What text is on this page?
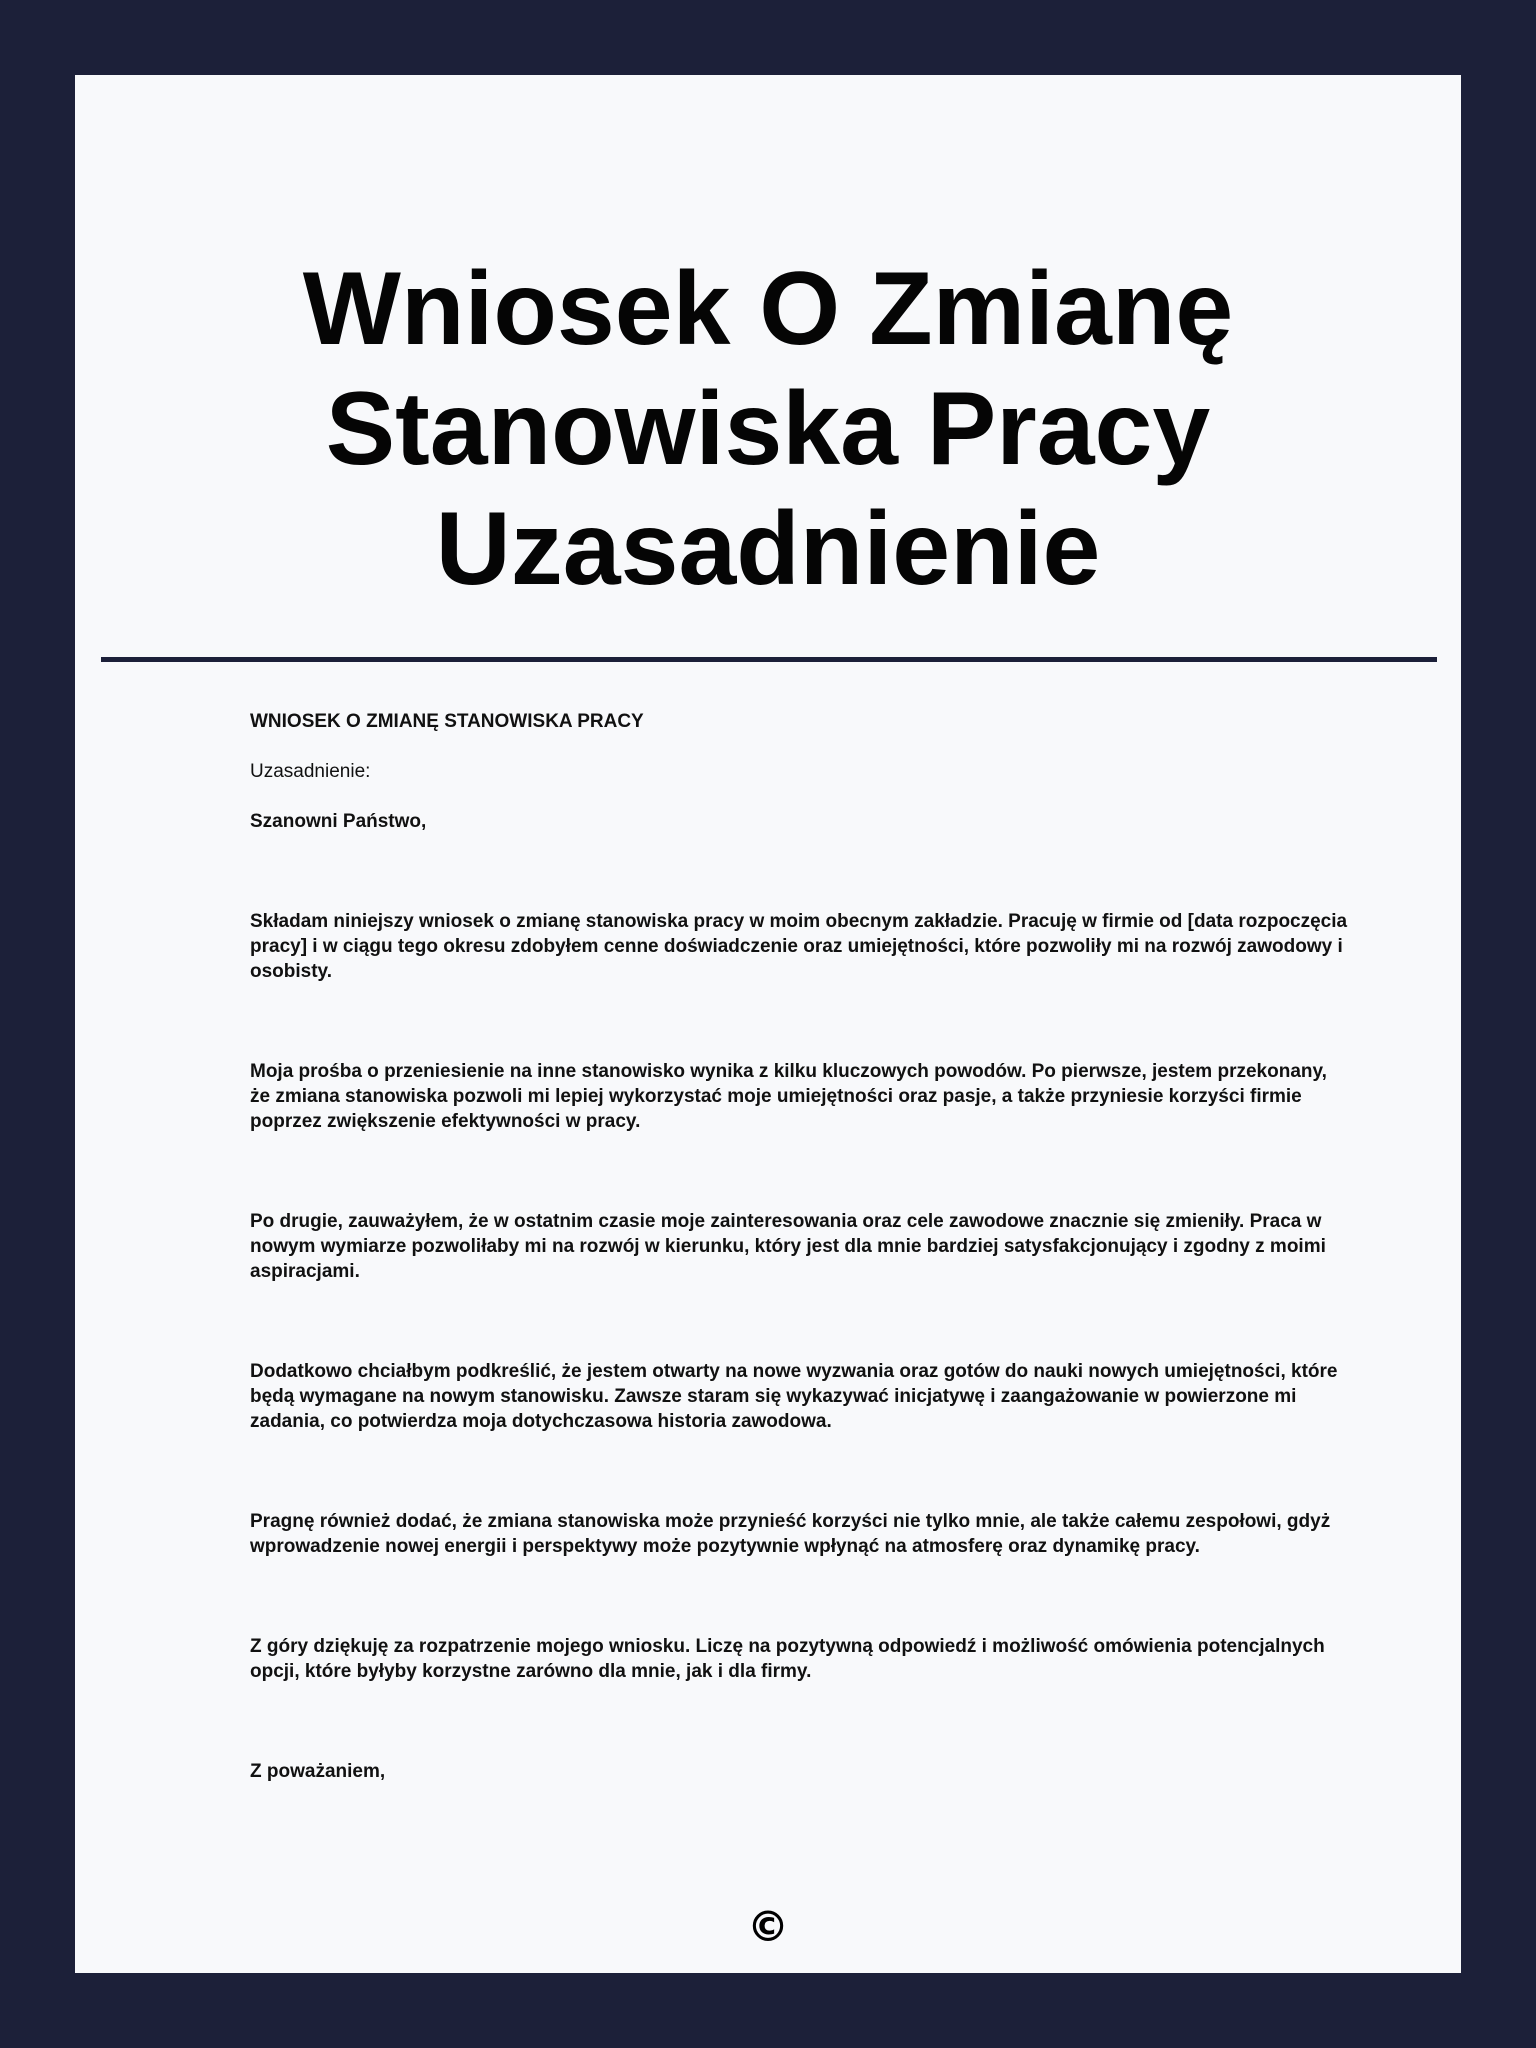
Wniosek O Zmianę
Stanowiska Pracy
Uzasadnienie

WNIOSEK O ZMIANĘ STANOWISKA PRACY

Uzasadnienie:

Szanowni Państwo,

Składam niniejszy wniosek o zmianę stanowiska pracy w moim obecnym zakładzie. Pracuję w firmie od [data rozpoczęcia pracy] i w ciągu tego okresu zdobyłem cenne doświadczenie oraz umiejętności, które pozwoliły mi na rozwój zawodowy i osobisty.

Moja prośba o przeniesienie na inne stanowisko wynika z kilku kluczowych powodów. Po pierwsze, jestem przekonany, że zmiana stanowiska pozwoli mi lepiej wykorzystać moje umiejętności oraz pasje, a także przyniesie korzyści firmie poprzez zwiększenie efektywności w pracy.

Po drugie, zauważyłem, że w ostatnim czasie moje zainteresowania oraz cele zawodowe znacznie się zmieniły. Praca w nowym wymiarze pozwoliłaby mi na rozwój w kierunku, który jest dla mnie bardziej satysfakcjonujący i zgodny z moimi aspiracjami.

Dodatkowo chciałbym podkreślić, że jestem otwarty na nowe wyzwania oraz gotów do nauki nowych umiejętności, które będą wymagane na nowym stanowisku. Zawsze staram się wykazywać inicjatywę i zaangażowanie w powierzone mi zadania, co potwierdza moja dotychczasowa historia zawodowa.

Pragnę również dodać, że zmiana stanowiska może przynieść korzyści nie tylko mnie, ale także całemu zespołowi, gdyż wprowadzenie nowej energii i perspektywy może pozytywnie wpłynąć na atmosferę oraz dynamikę pracy.

Z góry dziękuję za rozpatrzenie mojego wniosku. Liczę na pozytywną odpowiedź i możliwość omówienia potencjalnych opcji, które byłyby korzystne zarówno dla mnie, jak i dla firmy.

Z poważaniem,

©
